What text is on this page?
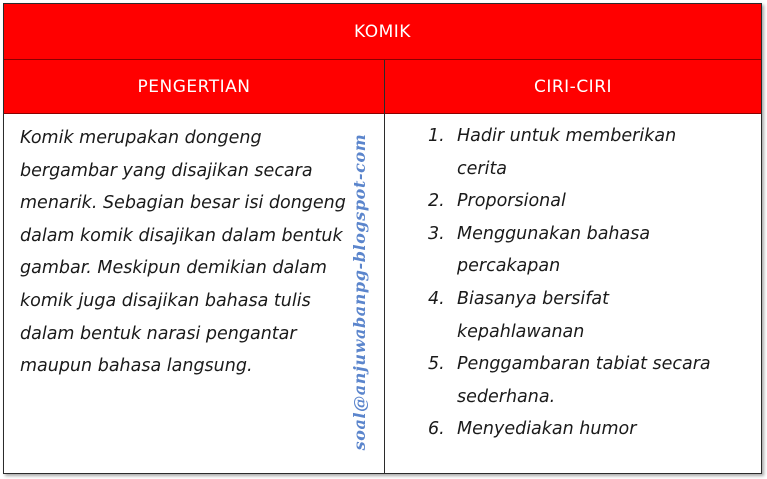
KOMIK
PENGERTIAN	CIRI-CIRI
Komik merupakan dongeng
bergambar yang disajikan secara
menarik. Sebagian besar isi dongeng
dalam komik disajikan dalam bentuk
gambar. Meskipun demikian dalam
komik juga disajikan bahasa tulis
dalam bentuk narasi pengantar
maupun bahasa langsung.
1. Hadir untuk memberikan
cerita
2. Proporsional
3. Menggunakan bahasa
percakapan
4. Biasanya bersifat
kepahlawanan
5. Penggambaran tabiat secara
sederhana.
6. Menyediakan humor
soal@anjuwabanpg-blogspot-com
